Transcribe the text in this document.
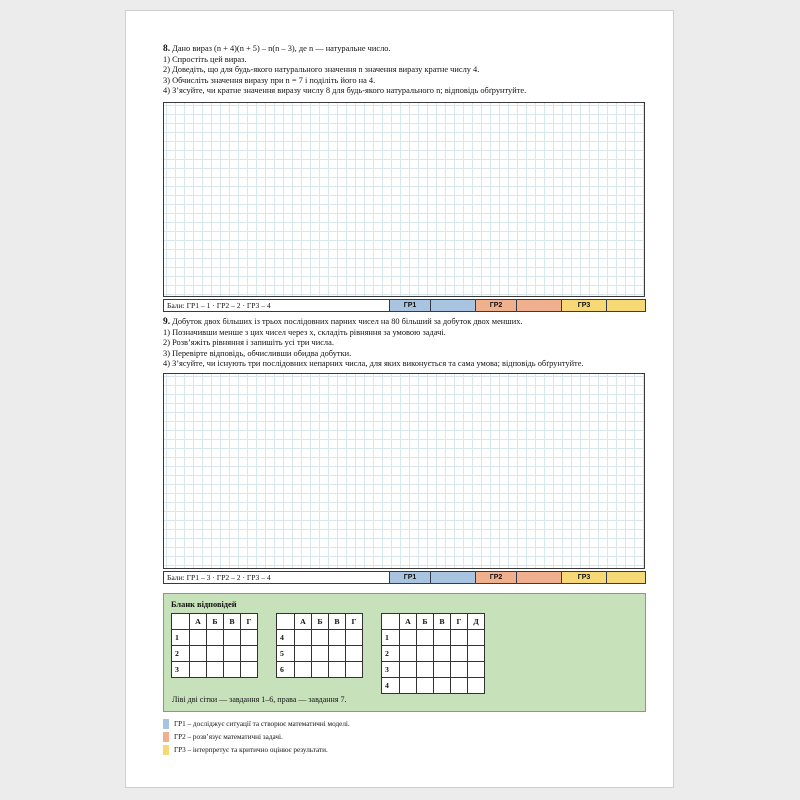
8. Дано вираз (n + 4)(n + 5) – n(n – 3), де n — натуральне число.
1) Спростіть цей вираз.
2) Доведіть, що для будь-якого натурального значення n значення виразу кратне числу 4.
3) Обчисліть значення виразу при n = 7 і поділіть його на 4.
4) З’ясуйте, чи кратне значення виразу числу 8 для будь-якого натурального n; відповідь обґрунтуйте.
Бали: ГР1 – 1 · ГР2 – 2 · ГР3 – 4	ГР1	ГР2	ГР3
9. Добуток двох більших із трьох послідовних парних чисел на 80 більший за добуток двох менших.
1) Позначивши менше з цих чисел через x, складіть рівняння за умовою задачі.
2) Розв’яжіть рівняння і запишіть усі три числа.
3) Перевірте відповідь, обчисливши обидва добутки.
4) З’ясуйте, чи існують три послідовних непарних числа, для яких виконується та сама умова; відповідь обґрунтуйте.
Бали: ГР1 – 3 · ГР2 – 2 · ГР3 – 4	ГР1	ГР2	ГР3
Бланк відповідей
	А	Б	В	Г
1				
2				
3				
	А	Б	В	Г
4				
5				
6				
	А	Б	В	Г	Д
1					
2					
3					
4					
Ліві дві сітки — завдання 1–6, права — завдання 7.
ГР1 – досліджує ситуації та створює математичні моделі.
ГР2 – розв’язує математичні задачі.
ГР3 – інтерпретує та критично оцінює результати.
